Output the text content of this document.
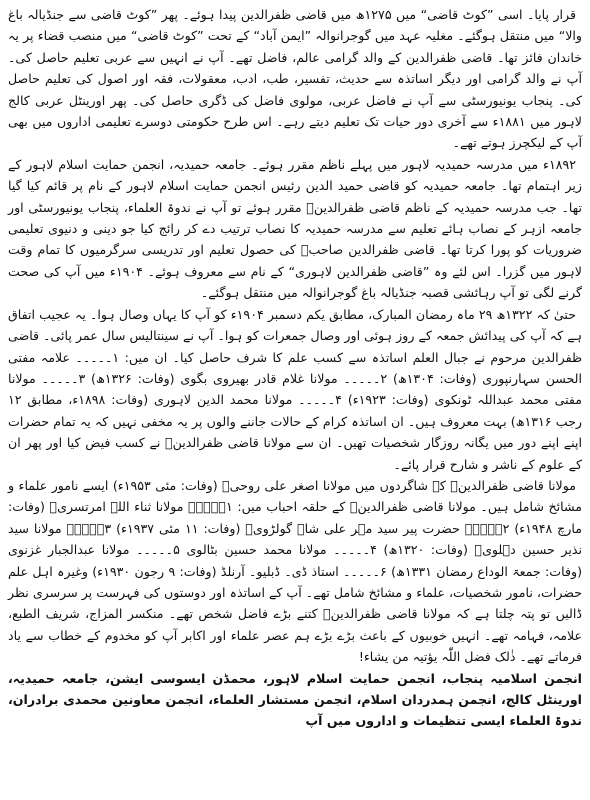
قرار پایا۔ اسی ”کوٹ قاضی“ میں ۱۲۷۵ھ میں قاضی ظفرالدین پیدا ہوئے۔ پھر ”کوٹ قاضی سے جنڈیالہ باغ والا“ میں منتقل ہوگئے۔ مغلیہ عہد میں گوجرانوالہ ”ایمن آباد“ کے تحت ”کوٹ قاضی“ میں منصب قضاء پر یہ خاندان فائز تھا۔ قاضی ظفرالدین کے والد گرامی عالم، فاضل تھے۔ آپ نے انہیں سے عربی تعلیم حاصل کی۔ آپ نے والد گرامی اور دیگر اساتذہ سے حدیث، تفسیر، طب، ادب، معقولات، فقہ اور اصول کی تعلیم حاصل کی۔ پنجاب یونیورسٹی سے آپ نے فاضل عربی، مولوی فاضل کی ڈگری حاصل کی۔ پھر اورینٹل عربی کالج لاہور میں ۱۸۸۱ء سے آخری دور حیات تک تعلیم دیتے رہے۔ اس طرح حکومتی دوسرے تعلیمی اداروں میں بھی آپ کے لیکچرز ہوتے تھے۔

۱۸۹۲ء میں مدرسہ حمیدیہ لاہور میں پہلے ناظم مقرر ہوئے۔ جامعہ حمیدیہ، انجمن حمایت اسلام لاہور کے زیر اہتمام تھا۔ جامعہ حمیدیہ کو قاضی حمید الدین رئیس انجمن حمایت اسلام لاہور کے نام پر قائم کیا گیا تھا۔ جب مدرسہ حمیدیہ کے ناظم قاضی ظفرالدینؒ مقرر ہوئے تو آپ نے ندوۃ العلماء، پنجاب یونیورسٹی اور جامعہ ازہر کے نصاب ہائے تعلیم سے مدرسہ حمیدیہ کا نصاب ترتیب دے کر رائج کیا جو دینی و دنیوی تعلیمی ضروریات کو پورا کرتا تھا۔ قاضی ظفرالدین صاحبؒ کی حصول تعلیم اور تدریسی سرگرمیوں کا تمام وقت لاہور میں گزرا۔ اس لئے وہ ”قاضی ظفرالدین لاہوری“ کے نام سے معروف ہوئے۔ ۱۹۰۴ء میں آپ کی صحت گرنے لگی تو آپ رہائشی قصبہ جنڈیالہ باغ گوجرانوالہ میں منتقل ہوگئے۔

حتیٰ کہ ۱۳۲۲ھ ۲۹ ماہ رمضان المبارک، مطابق یکم دسمبر ۱۹۰۴ء کو آپ کا یہاں وصال ہوا۔ یہ عجیب اتفاق ہے کہ آپ کی پیدائش جمعہ کے روز ہوئی اور وصال جمعرات کو ہوا۔ آپ نے سینتالیس سال عمر پائی۔ قاضی ظفرالدین مرحوم نے جبال العلم اساتذہ سے کسب علم کا شرف حاصل کیا۔ ان میں: ۱۔۔۔۔۔ علامہ مفتی الحسن سہارنپوری (وفات: ۱۳۰۴ھ) ۲۔۔۔۔۔ مولانا غلام قادر بھیروی بگوی (وفات: ۱۳۲۶ھ) ۳۔۔۔۔۔ مولانا مفتی محمد عبداللہ ٹونکوی (وفات: ۱۹۲۳ء) ۴۔۔۔۔۔ مولانا محمد الدین لاہوری (وفات: ۱۸۹۸ء، مطابق ۱۲ رجب ۱۳۱۶ھ) بہت معروف ہیں۔ ان اساتذہ کرام کے حالات جاننے والوں پر یہ مخفی نہیں کہ یہ تمام حضرات اپنے اپنے دور میں یگانہ روزگار شخصیات تھیں۔ ان سے مولانا قاضی ظفرالدینؒ نے کسب فیض کیا اور پھر ان کے علوم کے ناشر و شارح قرار پائے۔

مولانا قاضی ظفرالدینؒ کے شاگردوں میں مولانا اصغر علی روحیؒ (وفات: مئی ۱۹۵۳ء) ایسے نامور علماء و مشائخ شامل ہیں۔ مولانا قاضی ظفرالدینؒ کے حلقہ احباب میں: ۱۔۔۔۔۔ مولانا ثناء اللہ امرتسریؒ (وفات: مارچ ۱۹۴۸ء) ۲۔۔۔۔۔ حضرت پیر سید مہر علی شاہ گولڑویؒ (وفات: ۱۱ مئی ۱۹۳۷ء) ۳۔۔۔۔۔ مولانا سید نذیر حسین دہلویؒ (وفات: ۱۳۲۰ھ) ۴۔۔۔۔۔ مولانا محمد حسین بٹالوی ۵۔۔۔۔۔ مولانا عبدالجبار غزنوی (وفات: جمعۃ الوداع رمضان ۱۳۳۱ھ) ۶۔۔۔۔۔ استاذ ڈی۔ ڈبلیو۔ آرنلڈ (وفات: ۹ رجون ۱۹۳۰ء) وغیرہ اہل علم حضرات، نامور شخصیات، علماء و مشائخ شامل تھے۔ آپ کے اساتذہ اور دوستوں کی فہرست پر سرسری نظر ڈالیں تو پتہ چلتا ہے کہ مولانا قاضی ظفرالدینؒ کتنے بڑے فاضل شخص تھے۔ منکسر المزاج، شریف الطبع، علامہ، فہامہ تھے۔ انہیں خوبیوں کے باعث بڑے بڑے ہم عصر علماء اور اکابر آپ کو مخدوم کے خطاب سے یاد فرماتے تھے۔ ذٰلک فضل اللّٰہ یؤتیہ من یشاء!

انجمن اسلامیہ پنجاب، انجمن حمایت اسلام لاہور، محمڈن ایسوسی ایشن، جامعہ حمیدیہ، اورینٹل کالج، انجمن ہمدردان اسلام، انجمن مستشار العلماء، انجمن معاونین محمدی برادران، ندوۃ العلماء ایسی تنظیمات و اداروں میں آپ
